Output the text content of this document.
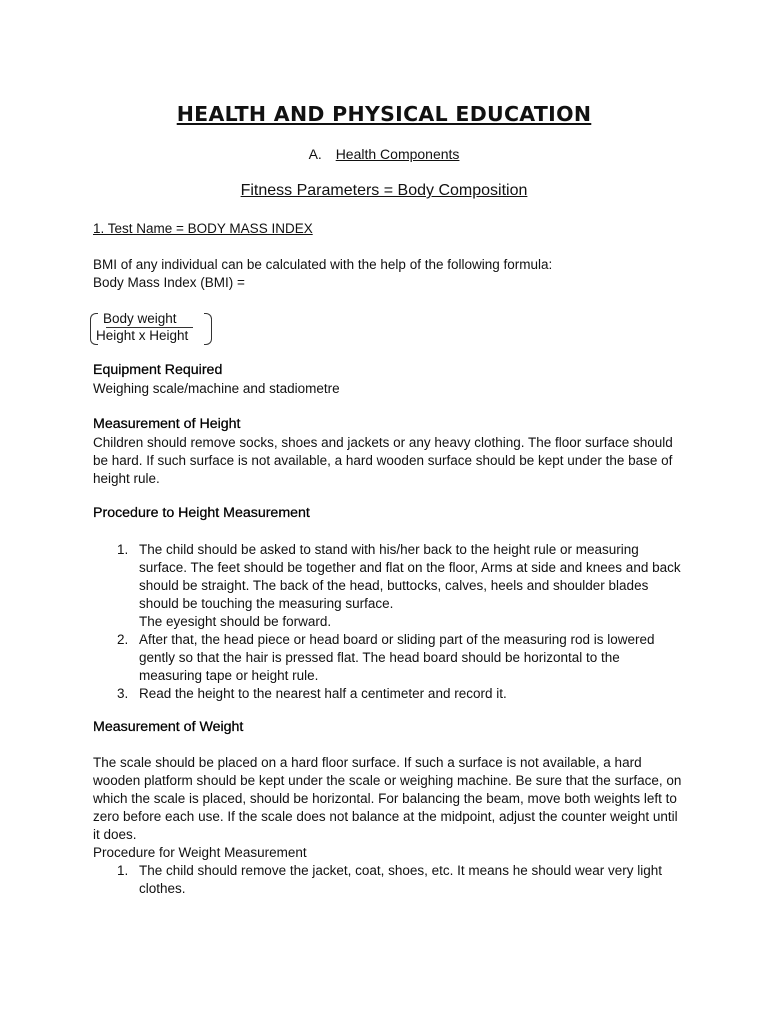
HEALTH AND PHYSICAL EDUCATION
A. Health Components
Fitness Parameters = Body Composition
1. Test Name = BODY MASS INDEX
BMI of any individual can be calculated with the help of the following formula:
Body Mass Index (BMI) =
Body weight
Height x Height
Equipment Required
Weighing scale/machine and stadiometre
Measurement of Height
Children should remove socks, shoes and jackets or any heavy clothing. The floor surface should be hard. If such surface is not available, a hard wooden surface should be kept under the base of height rule.
Procedure to Height Measurement
1. The child should be asked to stand with his/her back to the height rule or measuring surface. The feet should be together and flat on the floor, Arms at side and knees and back should be straight. The back of the head, buttocks, calves, heels and shoulder blades should be touching the measuring surface.
The eyesight should be forward.
2. After that, the head piece or head board or sliding part of the measuring rod is lowered gently so that the hair is pressed flat. The head board should be horizontal to the measuring tape or height rule.
3. Read the height to the nearest half a centimeter and record it.
Measurement of Weight
The scale should be placed on a hard floor surface. If such a surface is not available, a hard wooden platform should be kept under the scale or weighing machine. Be sure that the surface, on which the scale is placed, should be horizontal. For balancing the beam, move both weights left to zero before each use. If the scale does not balance at the midpoint, adjust the counter weight until it does.
Procedure for Weight Measurement
1. The child should remove the jacket, coat, shoes, etc. It means he should wear very light clothes.
